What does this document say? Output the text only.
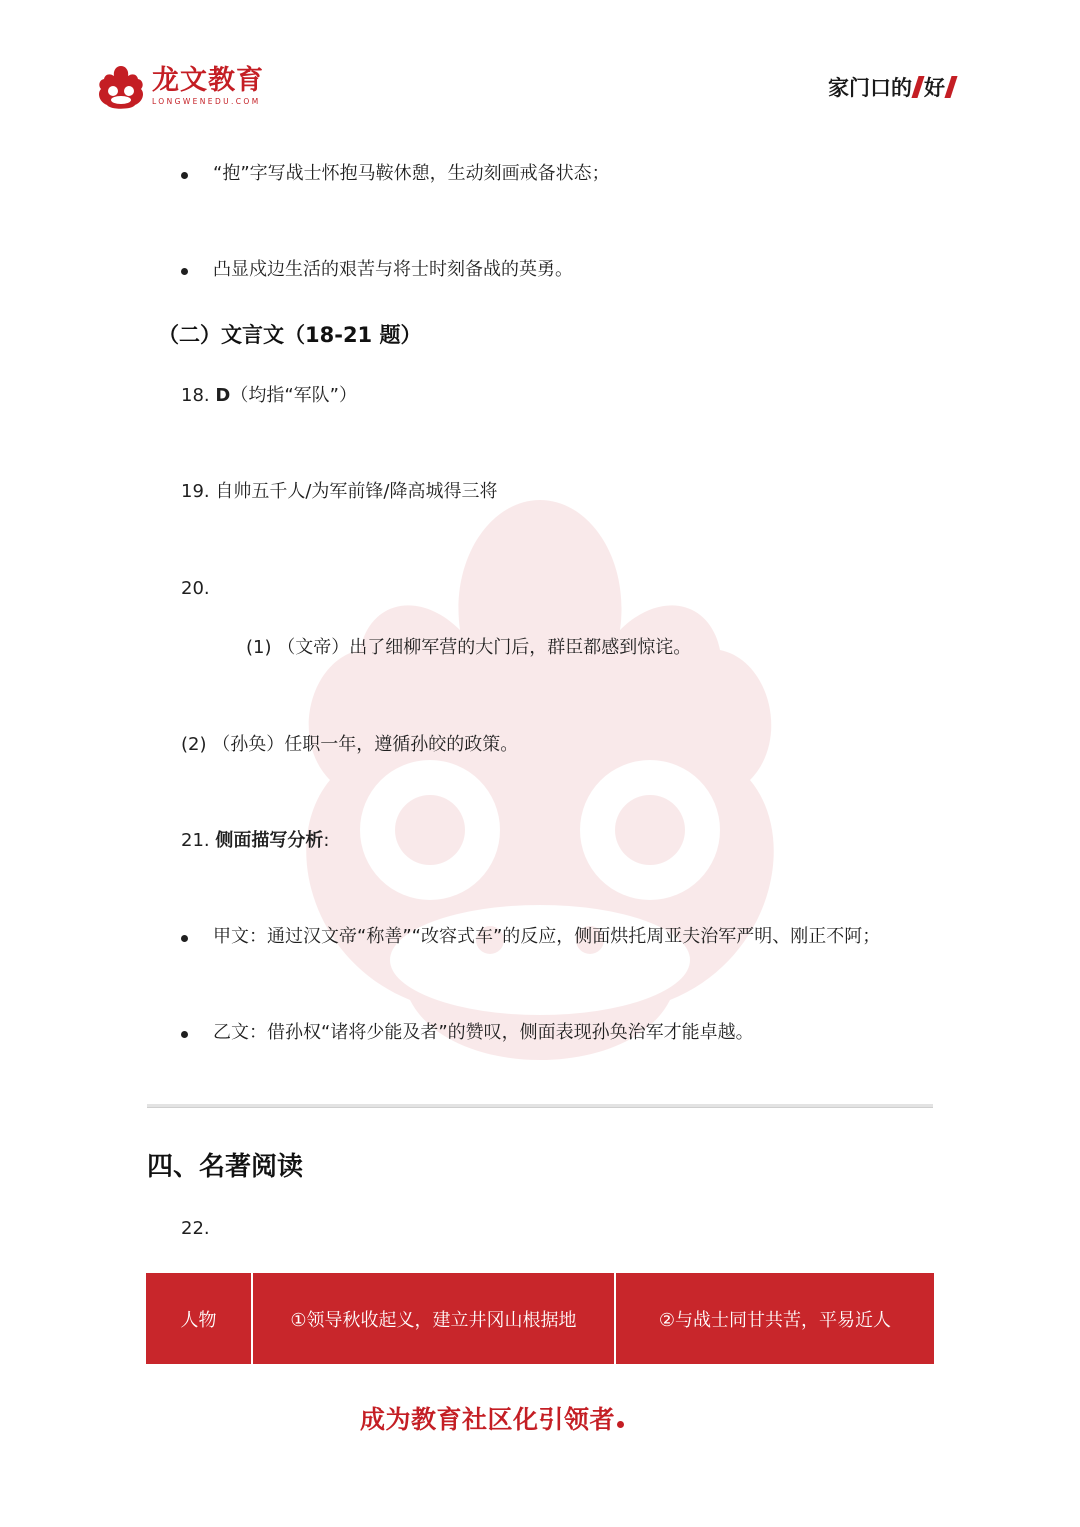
龙文教育
LONGWENEDU.COM
家门口的 好
“抱”字写战士怀抱马鞍休憩，生动刻画戒备状态；
凸显戍边生活的艰苦与将士时刻备战的英勇。
（二）文言文（18-21 题）
18. D（均指“军队”）
19. 自帅五千人/为军前锋/降高城得三将
20.
(1) （文帝）出了细柳军营的大门后，群臣都感到惊诧。
(2) （孙奂）任职一年，遵循孙皎的政策。
21. 侧面描写分析:
甲文：通过汉文帝“称善”“改容式车”的反应，侧面烘托周亚夫治军严明、刚正不阿；
乙文：借孙权“诸将少能及者”的赞叹，侧面表现孙奂治军才能卓越。
四、名著阅读
22.
人物	①领导秋收起义，建立井冈山根据地	②与战士同甘共苦，平易近人
成为教育社区化引领者
